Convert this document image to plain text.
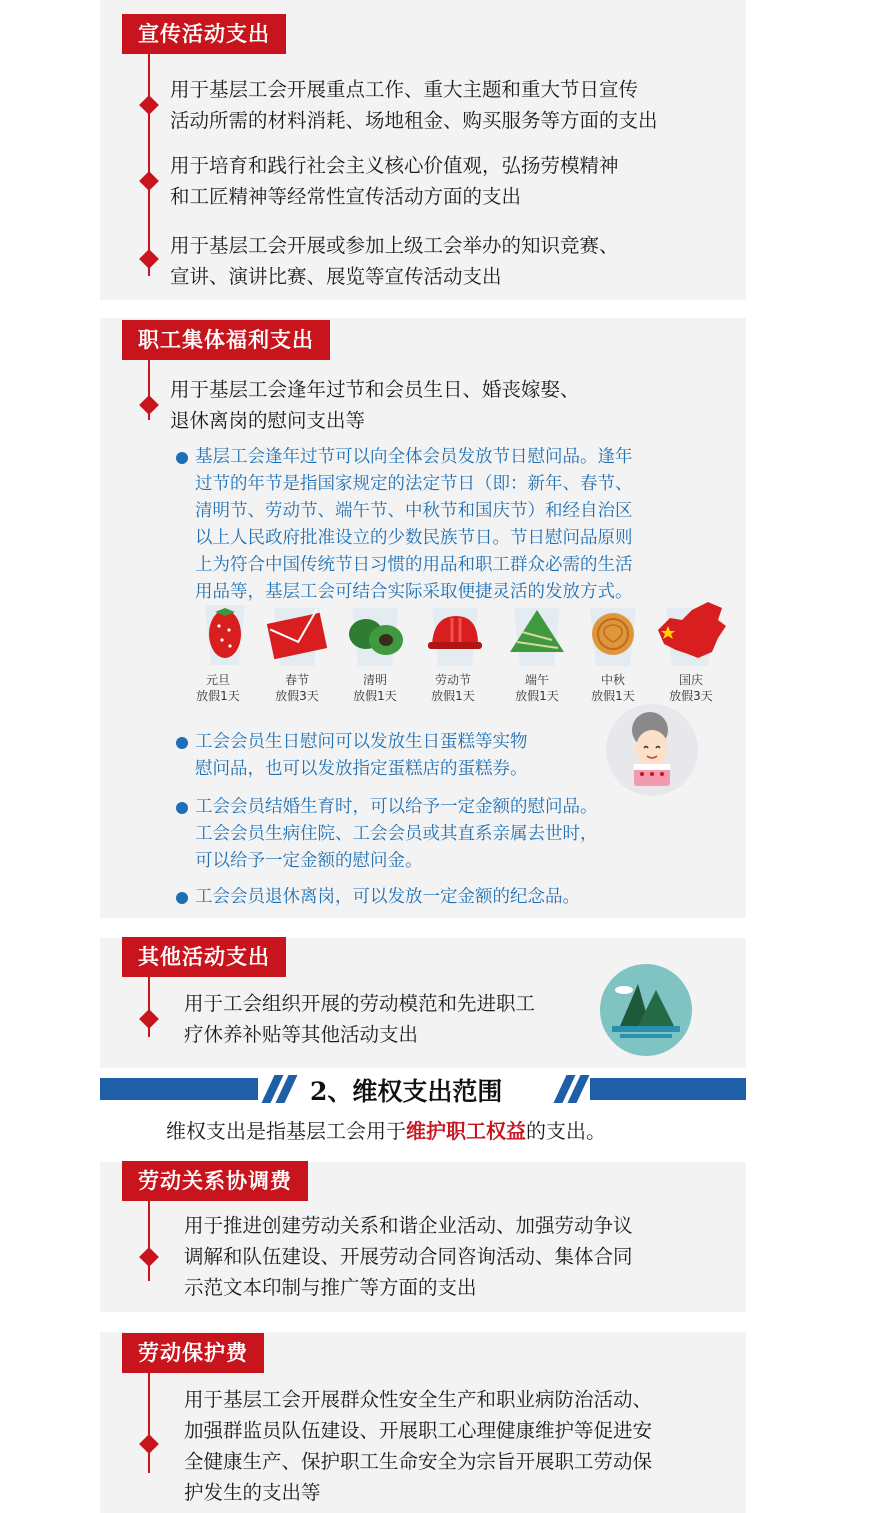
宣传活动支出
用于基层工会开展重点工作、重大主题和重大节日宣传
活动所需的材料消耗、场地租金、购买服务等方面的支出
用于培育和践行社会主义核心价值观，弘扬劳模精神
和工匠精神等经常性宣传活动方面的支出
用于基层工会开展或参加上级工会举办的知识竞赛、
宣讲、演讲比赛、展览等宣传活动支出
职工集体福利支出
用于基层工会逢年过节和会员生日、婚丧嫁娶、
退休离岗的慰问支出等
基层工会逢年过节可以向全体会员发放节日慰问品。逢年
过节的年节是指国家规定的法定节日（即：新年、春节、
清明节、劳动节、端午节、中秋节和国庆节）和经自治区
以上人民政府批准设立的少数民族节日。节日慰问品原则
上为符合中国传统节日习惯的用品和职工群众必需的生活
用品等，基层工会可结合实际采取便捷灵活的发放方式。
元旦
放假1天
春节
放假3天
清明
放假1天
劳动节
放假1天
端午
放假1天
中秋
放假1天
国庆
放假3天
工会会员生日慰问可以发放生日蛋糕等实物
慰问品，也可以发放指定蛋糕店的蛋糕券。
工会会员结婚生育时，可以给予一定金额的慰问品。
工会会员生病住院、工会会员或其直系亲属去世时，
可以给予一定金额的慰问金。
工会会员退休离岗，可以发放一定金额的纪念品。
其他活动支出
用于工会组织开展的劳动模范和先进职工
疗休养补贴等其他活动支出
2、维权支出范围
维权支出是指基层工会用于维护职工权益的支出。
劳动关系协调费
用于推进创建劳动关系和谐企业活动、加强劳动争议
调解和队伍建设、开展劳动合同咨询活动、集体合同
示范文本印制与推广等方面的支出
劳动保护费
用于基层工会开展群众性安全生产和职业病防治活动、
加强群监员队伍建设、开展职工心理健康维护等促进安
全健康生产、保护职工生命安全为宗旨开展职工劳动保
护发生的支出等
